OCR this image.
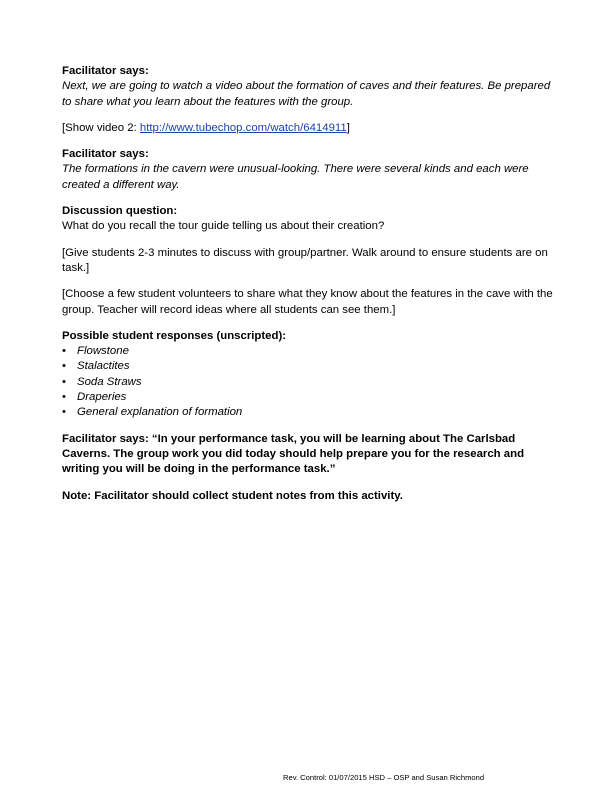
Facilitator says:

Next, we are going to watch a video about the formation of caves and their features. Be prepared to share what you learn about the features with the group.

[Show video 2: http://www.tubechop.com/watch/6414911]

Facilitator says:

The formations in the cavern were unusual-looking. There were several kinds and each were created a different way.

Discussion question:

What do you recall the tour guide telling us about their creation?

[Give students 2-3 minutes to discuss with group/partner. Walk around to ensure students are on task.]

[Choose a few student volunteers to share what they know about the features in the cave with the group. Teacher will record ideas where all students can see them.]

Possible student responses (unscripted):

• Flowstone
• Stalactites
• Soda Straws
• Draperies
• General explanation of formation

Facilitator says: “In your performance task, you will be learning about The Carlsbad Caverns. The group work you did today should help prepare you for the research and writing you will be doing in the performance task.”

Note: Facilitator should collect student notes from this activity.

Rev. Control: 01/07/2015 HSD – OSP and Susan Richmond
